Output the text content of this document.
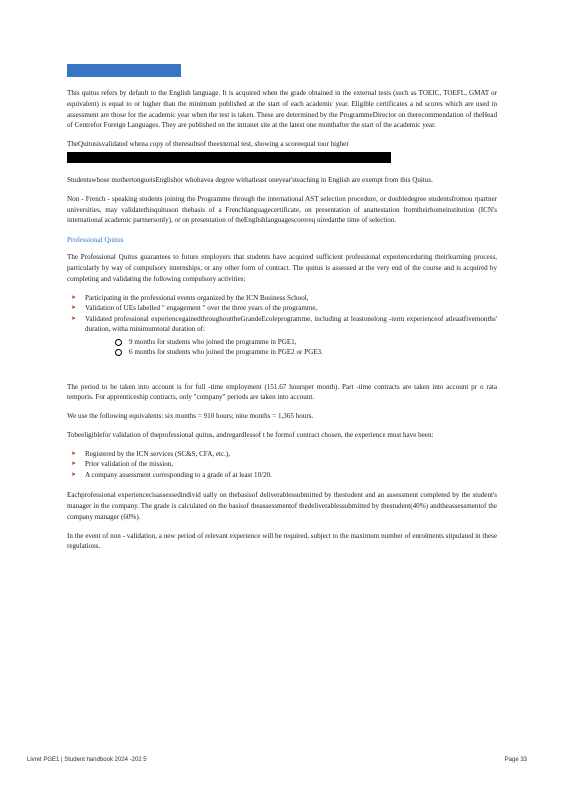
This quitus refers by default to the English language. It is acquired when the grade obtained in the external tests (such as TOEIC, TOEFL, GMAT or equivalent) is equal to or higher than the minimum published at the start of each academic year. Eligible certificates a nd scores which are used in assessment are those for the academic year when the test is taken. These are determined by the ProgrammeDirector on therecommendation of theHead of Centrefor Foreign Languages. They are published on the intranet site at the latest one monthafter the start of the academic year.

TheQuitusisvalidated whena copy of theresultsof theexternal test, showing a scoreequal toor higher

Studentswhose mothertongueisEnglishor whohavea degree withatleast oneyear'steaching in English are exempt from this Quitus.

Non - French - speaking students joining the Programme through the international AST selection procedure, or doubledegree studentsfromou rpartner universities, may validatethisquituson thebasis of a Frenchlanguagecertificate, on presentation of anattestation fromtheirhomeinstitution (ICN's international academic partnersonly), or on presentation of theEnglishlanguagescorereq uiredatthe time of selection.

Professional Quitus

The Professional Quitus guarantees to future employers that students have acquired sufficient professional experienceduring theirlearning process, particularly by way of compulsory internships, or any other form of contract. The quitus is assessed at the very end of the course and is acquired by completing and validating the following compulsory activities:

➤ Participating in the professional events organized by the ICN Business School,
➤ Validation of UEs labelled " engagement " over the three years of the programme,
➤ Validated professional experiencegainedthroughouttheGrandeEcoleprogramme, including at leastonelong -term experienceof atleastfivemonths' duration, witha minimumtotal duration of:
9 months for students who joined the programme in PGE1,
6 months for students who joined the programme in PGE2 or PGE3.

The period to be taken into account is for full -time employment (151.67 hoursper month). Part -time contracts are taken into account pr o rata temporis. For apprenticeship contracts, only "company" periods are taken into account.

We use the following equivalents: six months = 910 hours; nine months = 1,365 hours.

Tobeeligiblefor validation of theprofessional quitus, andregardlessof t he formof contract chosen, the experience must have been:

➤ Registered by the ICN services (SC&S, CFA, etc.),
➤ Prior validation of the mission,
➤ A company assessment corresponding to a grade of at least 10/20.

Eachprofessional experiencecisassessedindivid ually on thebasisof deliverablessubmitted by thestudent and an assessment completed by the student's manager in the company. The grade is calculated on the basisof theassessmentof thedeliverablessubmitted by thestudent(40%) andtheassessmentof the company manager (60%).

In the event of non - validation, a new period of relevant experience will be required, subject to the maximum number of enrolments stipulated in these regulations.

Livret PGE1 | Student handbook 2024 -202 5	Page 33
